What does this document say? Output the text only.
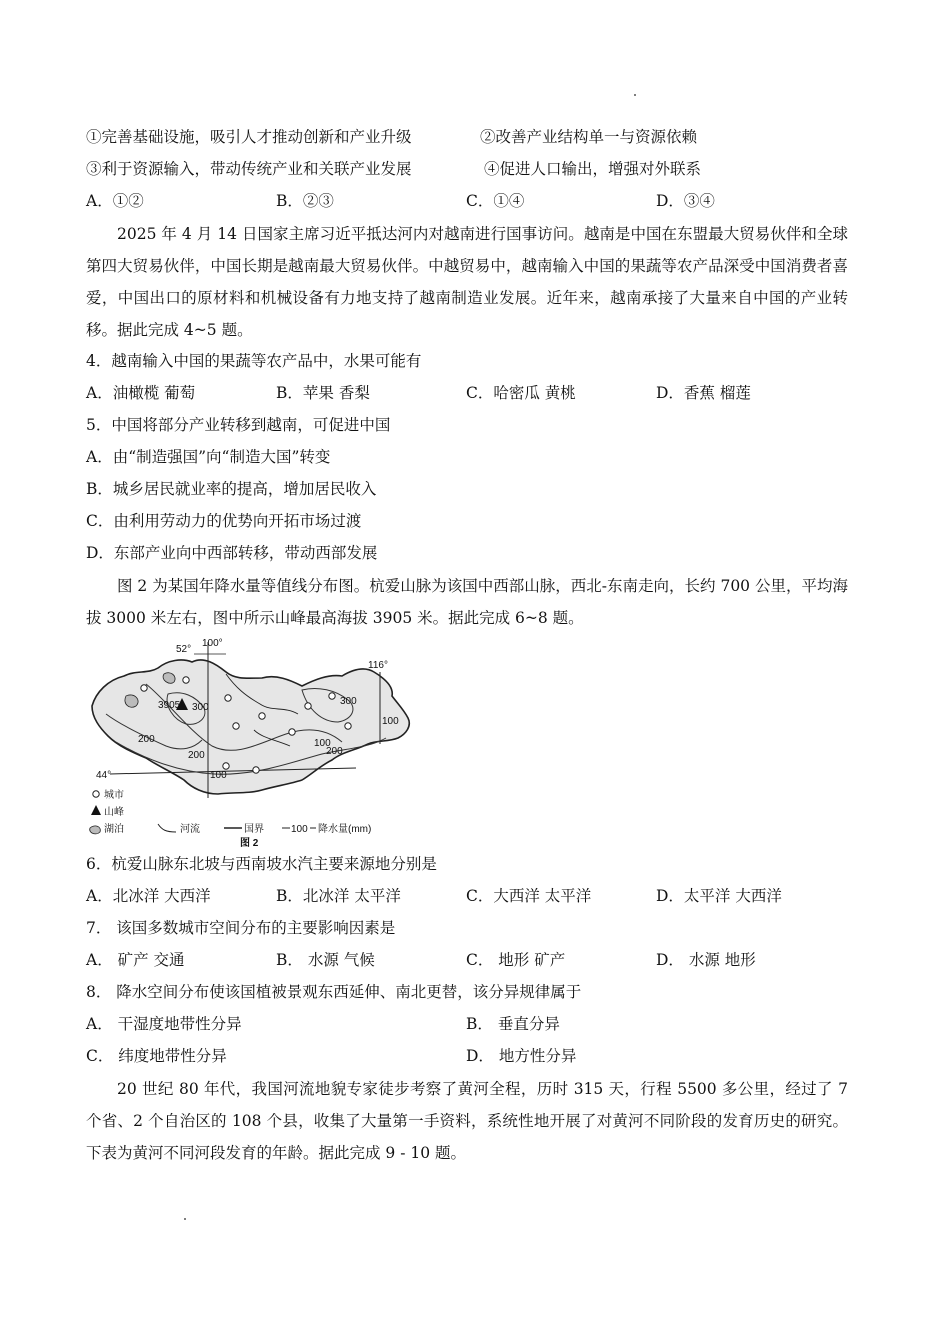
①完善基础设施，吸引人才推动创新和产业升级	②改善产业结构单一与资源依赖
③利于资源输入，带动传统产业和关联产业发展	④促进人口输出，增强对外联系
A．①②	B．②③	C．①④	D．③④
2025 年 4 月 14 日国家主席习近平抵达河内对越南进行国事访问。越南是中国在东盟最大贸易伙伴和全球第四大贸易伙伴，中国长期是越南最大贸易伙伴。中越贸易中，越南输入中国的果蔬等农产品深受中国消费者喜爱，中国出口的原材料和机械设备有力地支持了越南制造业发展。近年来，越南承接了大量来自中国的产业转移。据此完成 4~5 题。
4．越南输入中国的果蔬等农产品中，水果可能有
A．油橄榄 葡萄	B．苹果 香梨	C．哈密瓜 黄桃	D．香蕉 榴莲
5．中国将部分产业转移到越南，可促进中国
A．由“制造强国”向“制造大国”转变
B．城乡居民就业率的提高，增加居民收入
C．由利用劳动力的优势向开拓市场过渡
D．东部产业向中西部转移，带动西部发展
图 2 为某国年降水量等值线分布图。杭爱山脉为该国中西部山脉，西北-东南走向，长约 700 公里，平均海拔 3000 米左右，图中所示山峰最高海拔 3905 米。据此完成 6~8 题。
3905 300
200
200
100
100
200
300
100
52°
100°
116°
44°
城市
山峰
湖泊	河流	国界	100 降水量(mm)
图 2
6．杭爱山脉东北坡与西南坡水汽主要来源地分别是
A．北冰洋 大西洋	B．北冰洋 太平洋	C．大西洋 太平洋	D．太平洋 大西洋
7． 该国多数城市空间分布的主要影响因素是
A． 矿产 交通	B． 水源 气候	C． 地形 矿产	D． 水源 地形
8． 降水空间分布使该国植被景观东西延伸、南北更替，该分异规律属于
A． 干湿度地带性分异	B． 垂直分异
C． 纬度地带性分异	D． 地方性分异
20 世纪 80 年代，我国河流地貌专家徒步考察了黄河全程，历时 315 天，行程 5500 多公里，经过了 7 个省、2 个自治区的 108 个县，收集了大量第一手资料，系统性地开展了对黄河不同阶段的发育历史的研究。下表为黄河不同河段发育的年龄。据此完成 9 - 10 题。
